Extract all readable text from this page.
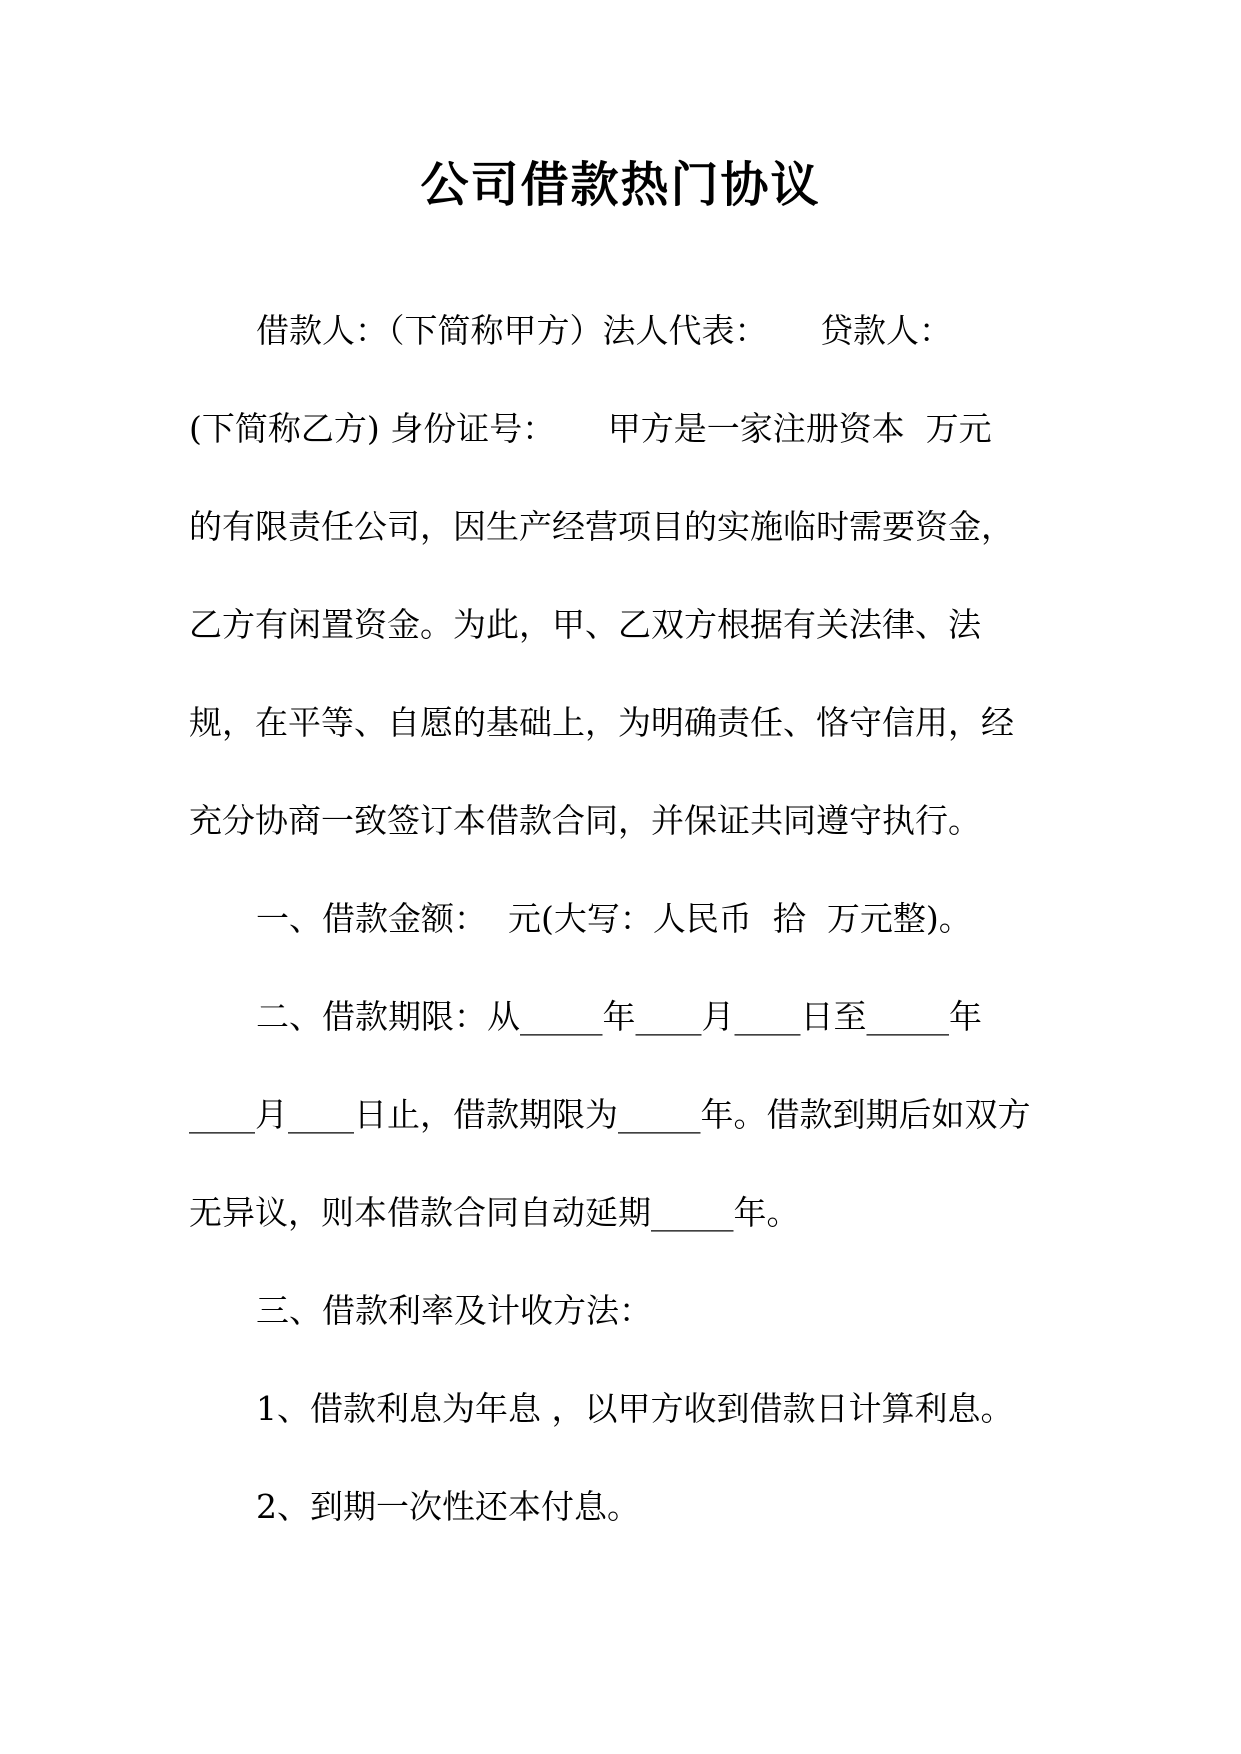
公司借款热门协议
借款人：（下简称甲方）法人代表：     贷款人：
(下简称乙方) 身份证号：     甲方是一家注册资本  万元
的有限责任公司，因生产经营项目的实施临时需要资金，
乙方有闲置资金。为此，甲、乙双方根据有关法律、法
规，在平等、自愿的基础上，为明确责任、恪守信用，经
充分协商一致签订本借款合同，并保证共同遵守执行。
一、借款金额：  元(大写：人民币  拾  万元整)。
二、借款期限：从_____年____月____日至_____年
____月____日止，借款期限为_____年。借款到期后如双方
无异议，则本借款合同自动延期_____年。
三、借款利率及计收方法：
1、借款利息为年息 ，以甲方收到借款日计算利息。
2、到期一次性还本付息。
